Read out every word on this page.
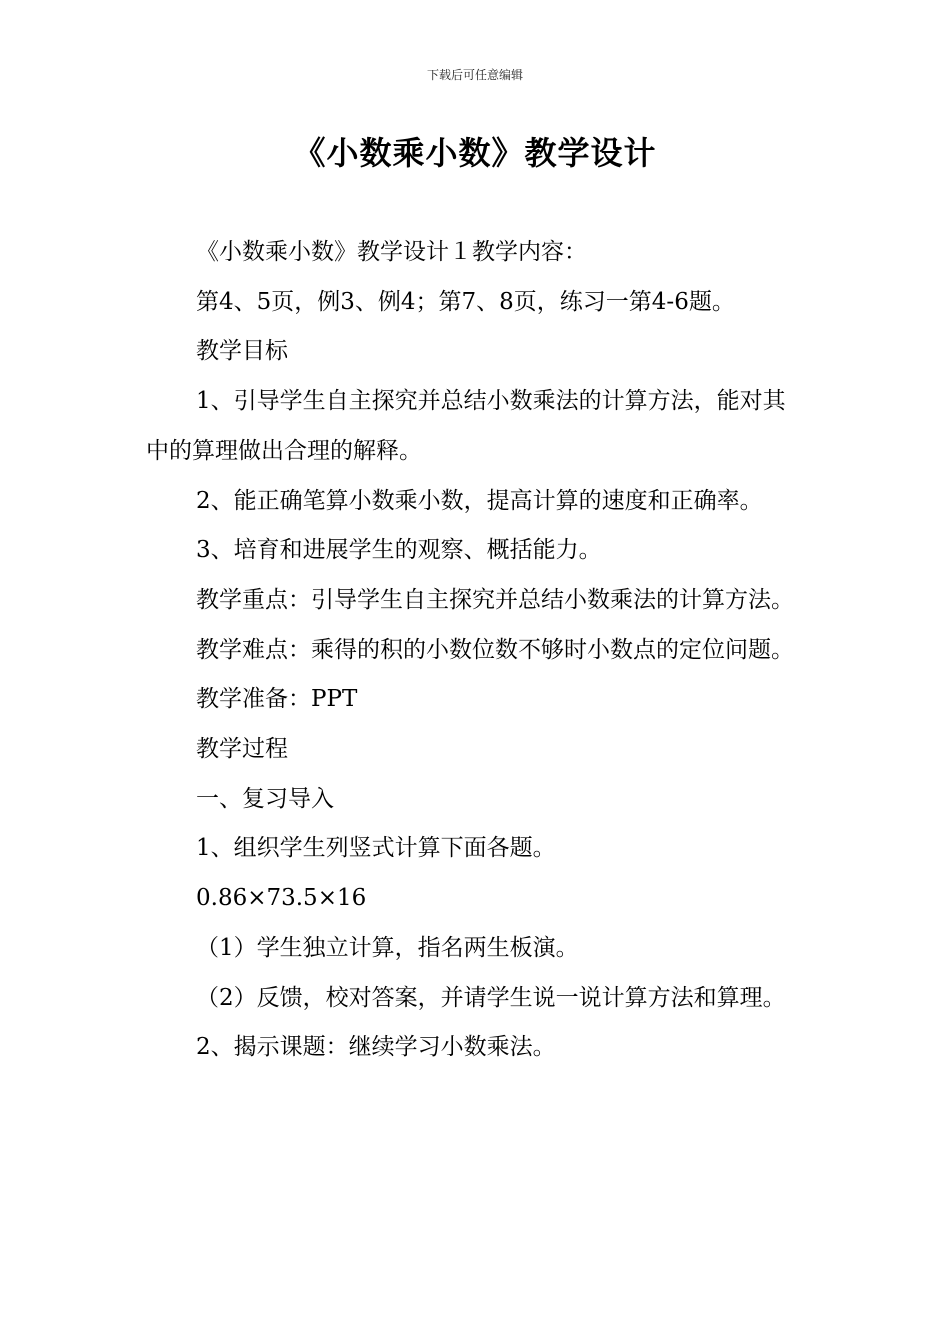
下载后可任意编辑
《小数乘小数》教学设计

《小数乘小数》教学设计１教学内容：

第4、5页，例3、例4；第7、8页，练习一第4-6题。

教学目标

1、引导学生自主探究并总结小数乘法的计算方法，能对其中的算理做出合理的解释。

2、能正确笔算小数乘小数，提高计算的速度和正确率。

3、培育和进展学生的观察、概括能力。

教学重点：引导学生自主探究并总结小数乘法的计算方法。

教学难点：乘得的积的小数位数不够时小数点的定位问题。

教学准备：PPT

教学过程

一、复习导入

1、组织学生列竖式计算下面各题。

0.86×73.5×16

（1）学生独立计算，指名两生板演。

（2）反馈，校对答案，并请学生说一说计算方法和算理。

2、揭示课题：继续学习小数乘法。
